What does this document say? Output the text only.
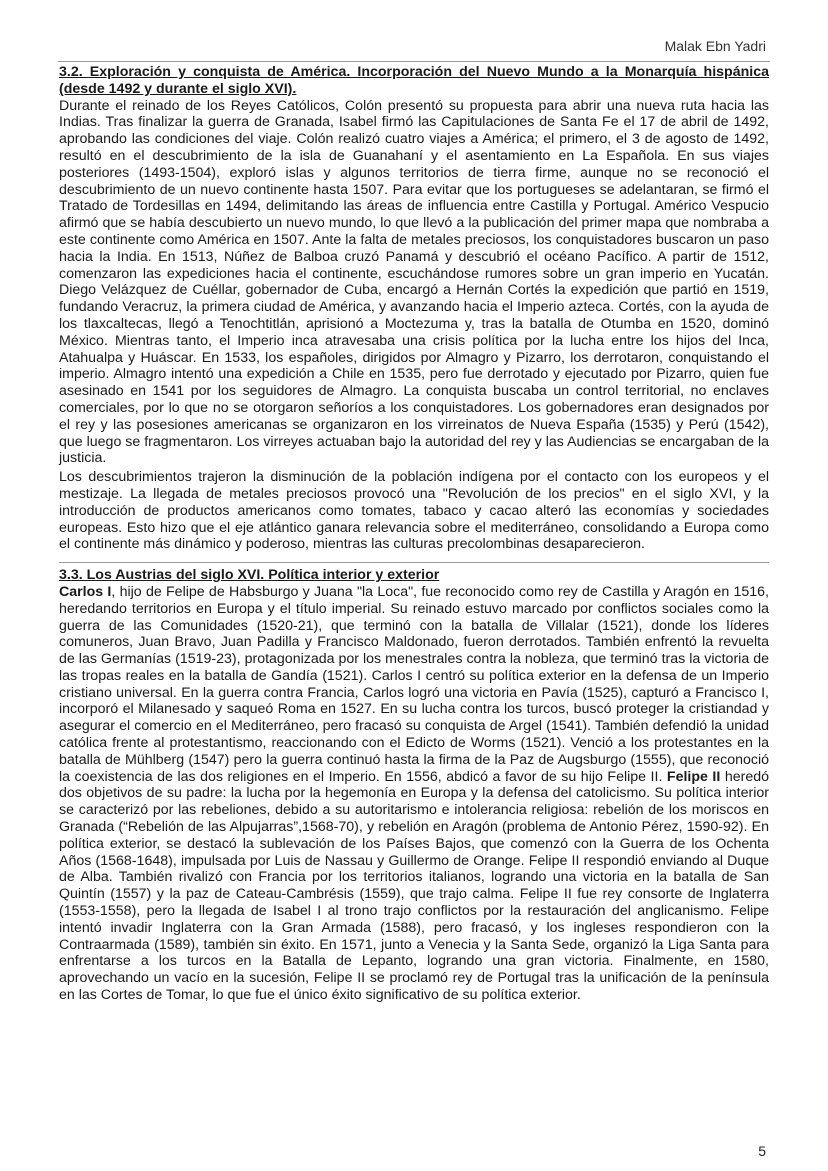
Malak Ebn Yadri
3.2. Exploración y conquista de América. Incorporación del Nuevo Mundo a la Monarquía hispánica (desde 1492 y durante el siglo XVI).

Durante el reinado de los Reyes Católicos, Colón presentó su propuesta para abrir una nueva ruta hacia las Indias. Tras finalizar la guerra de Granada, Isabel firmó las Capitulaciones de Santa Fe el 17 de abril de 1492, aprobando las condiciones del viaje. Colón realizó cuatro viajes a América; el primero, el 3 de agosto de 1492, resultó en el descubrimiento de la isla de Guanahaní y el asentamiento en La Española. En sus viajes posteriores (1493-1504), exploró islas y algunos territorios de tierra firme, aunque no se reconoció el descubrimiento de un nuevo continente hasta 1507. Para evitar que los portugueses se adelantaran, se firmó el Tratado de Tordesillas en 1494, delimitando las áreas de influencia entre Castilla y Portugal. Américo Vespucio afirmó que se había descubierto un nuevo mundo, lo que llevó a la publicación del primer mapa que nombraba a este continente como América en 1507. Ante la falta de metales preciosos, los conquistadores buscaron un paso hacia la India. En 1513, Núñez de Balboa cruzó Panamá y descubrió el océano Pacífico. A partir de 1512, comenzaron las expediciones hacia el continente, escuchándose rumores sobre un gran imperio en Yucatán. Diego Velázquez de Cuéllar, gobernador de Cuba, encargó a Hernán Cortés la expedición que partió en 1519, fundando Veracruz, la primera ciudad de América, y avanzando hacia el Imperio azteca. Cortés, con la ayuda de los tlaxcaltecas, llegó a Tenochtitlán, aprisionó a Moctezuma y, tras la batalla de Otumba en 1520, dominó México. Mientras tanto, el Imperio inca atravesaba una crisis política por la lucha entre los hijos del Inca, Atahualpa y Huáscar. En 1533, los españoles, dirigidos por Almagro y Pizarro, los derrotaron, conquistando el imperio. Almagro intentó una expedición a Chile en 1535, pero fue derrotado y ejecutado por Pizarro, quien fue asesinado en 1541 por los seguidores de Almagro. La conquista buscaba un control territorial, no enclaves comerciales, por lo que no se otorgaron señoríos a los conquistadores. Los gobernadores eran designados por el rey y las posesiones americanas se organizaron en los virreinatos de Nueva España (1535) y Perú (1542), que luego se fragmentaron. Los virreyes actuaban bajo la autoridad del rey y las Audiencias se encargaban de la justicia.

Los descubrimientos trajeron la disminución de la población indígena por el contacto con los europeos y el mestizaje. La llegada de metales preciosos provocó una "Revolución de los precios" en el siglo XVI, y la introducción de productos americanos como tomates, tabaco y cacao alteró las economías y sociedades europeas. Esto hizo que el eje atlántico ganara relevancia sobre el mediterráneo, consolidando a Europa como el continente más dinámico y poderoso, mientras las culturas precolombinas desaparecieron.

3.3. Los Austrias del siglo XVI. Política interior y exterior

Carlos I, hijo de Felipe de Habsburgo y Juana "la Loca", fue reconocido como rey de Castilla y Aragón en 1516, heredando territorios en Europa y el título imperial. Su reinado estuvo marcado por conflictos sociales como la guerra de las Comunidades (1520-21), que terminó con la batalla de Villalar (1521), donde los líderes comuneros, Juan Bravo, Juan Padilla y Francisco Maldonado, fueron derrotados. También enfrentó la revuelta de las Germanías (1519-23), protagonizada por los menestrales contra la nobleza, que terminó tras la victoria de las tropas reales en la batalla de Gandía (1521). Carlos I centró su política exterior en la defensa de un Imperio cristiano universal. En la guerra contra Francia, Carlos logró una victoria en Pavía (1525), capturó a Francisco I, incorporó el Milanesado y saqueó Roma en 1527. En su lucha contra los turcos, buscó proteger la cristiandad y asegurar el comercio en el Mediterráneo, pero fracasó su conquista de Argel (1541). También defendió la unidad católica frente al protestantismo, reaccionando con el Edicto de Worms (1521). Venció a los protestantes en la batalla de Mühlberg (1547) pero la guerra continuó hasta la firma de la Paz de Augsburgo (1555), que reconoció la coexistencia de las dos religiones en el Imperio. En 1556, abdicó a favor de su hijo Felipe II. Felipe II heredó dos objetivos de su padre: la lucha por la hegemonía en Europa y la defensa del catolicismo. Su política interior se caracterizó por las rebeliones, debido a su autoritarismo e intolerancia religiosa: rebelión de los moriscos en Granada (“Rebelión de las Alpujarras”,1568-70), y rebelión en Aragón (problema de Antonio Pérez, 1590-92). En política exterior, se destacó la sublevación de los Países Bajos, que comenzó con la Guerra de los Ochenta Años (1568-1648), impulsada por Luis de Nassau y Guillermo de Orange. Felipe II respondió enviando al Duque de Alba. También rivalizó con Francia por los territorios italianos, logrando una victoria en la batalla de San Quintín (1557) y la paz de Cateau-Cambrésis (1559), que trajo calma. Felipe II fue rey consorte de Inglaterra (1553-1558), pero la llegada de Isabel I al trono trajo conflictos por la restauración del anglicanismo. Felipe intentó invadir Inglaterra con la Gran Armada (1588), pero fracasó, y los ingleses respondieron con la Contraarmada (1589), también sin éxito. En 1571, junto a Venecia y la Santa Sede, organizó la Liga Santa para enfrentarse a los turcos en la Batalla de Lepanto, logrando una gran victoria. Finalmente, en 1580, aprovechando un vacío en la sucesión, Felipe II se proclamó rey de Portugal tras la unificación de la península en las Cortes de Tomar, lo que fue el único éxito significativo de su política exterior.

5
